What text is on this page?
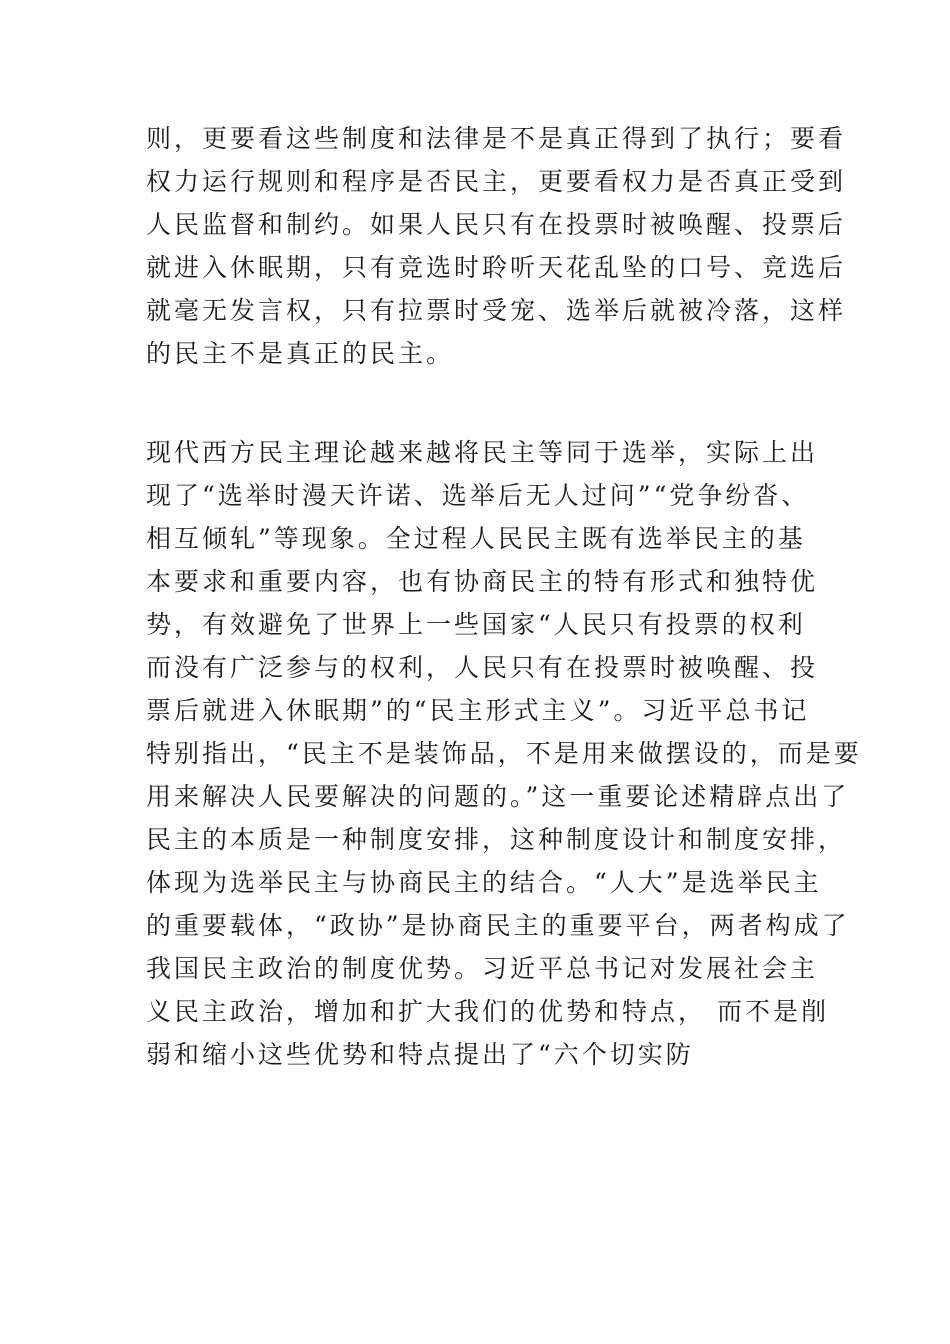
则，更要看这些制度和法律是不是真正得到了执行；要看
权力运行规则和程序是否民主，更要看权力是否真正受到
人民监督和制约。如果人民只有在投票时被唤醒、投票后
就进入休眠期，只有竞选时聆听天花乱坠的口号、竞选后
就毫无发言权，只有拉票时受宠、选举后就被冷落，这样
的民主不是真正的民主。
现代西方民主理论越来越将民主等同于选举，实际上出
现了“选举时漫天许诺、选举后无人过问”“党争纷沓、
相互倾轧”等现象。全过程人民民主既有选举民主的基
本要求和重要内容，也有协商民主的特有形式和独特优
势，有效避免了世界上一些国家“人民只有投票的权利
而没有广泛参与的权利，人民只有在投票时被唤醒、投
票后就进入休眠期”的“民主形式主义”。习近平总书记
特别指出，“民主不是装饰品，不是用来做摆设的，而是要
用来解决人民要解决的问题的。”这一重要论述精辟点出了
民主的本质是一种制度安排，这种制度设计和制度安排，
体现为选举民主与协商民主的结合。“人大”是选举民主
的重要载体，“政协”是协商民主的重要平台，两者构成了
我国民主政治的制度优势。习近平总书记对发展社会主
义民主政治，增加和扩大我们的优势和特点， 而不是削
弱和缩小这些优势和特点提出了“六个切实防
